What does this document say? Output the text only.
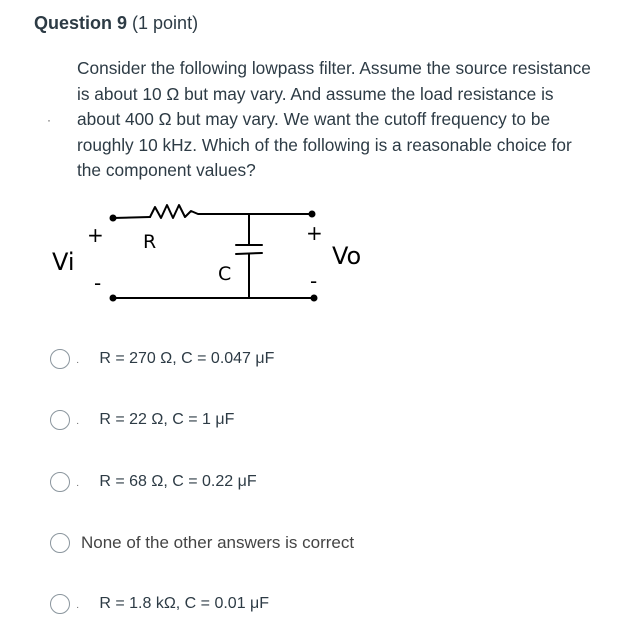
Question 9 (1 point)
·
Consider the following lowpass filter. Assume the source resistance is about 10 Ω but may vary. And assume the load resistance is about 400 Ω but may vary. We want the cutoff frequency to be roughly 10 kHz. Which of the following is a reasonable choice for the component values?
+ R
Vi
-	C
+
Vo
-
· R = 270 Ω, C = 0.047 μF
· R = 22 Ω, C = 1 μF
· R = 68 Ω, C = 0.22 μF
None of the other answers is correct
· R = 1.8 kΩ, C = 0.01 μF
